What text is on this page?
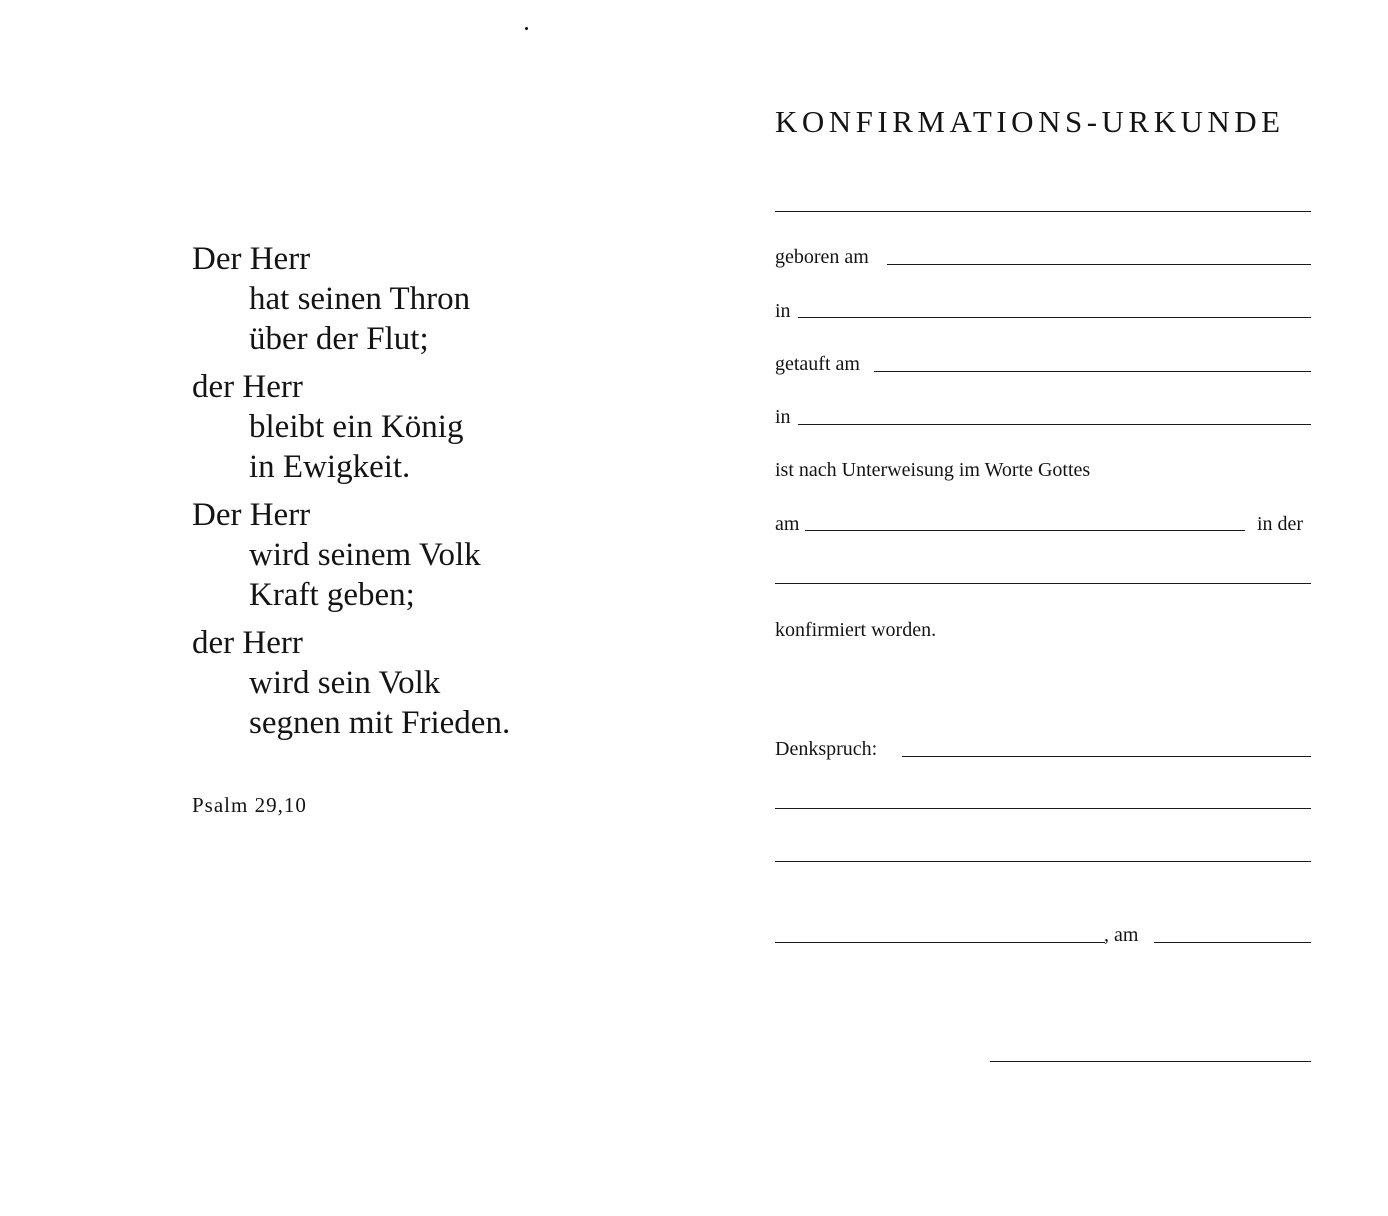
Der Herr
hat seinen Thron
über der Flut;
der Herr
bleibt ein König
in Ewigkeit.
Der Herr
wird seinem Volk
Kraft geben;
der Herr
wird sein Volk
segnen mit Frieden.
Psalm 29,10
KONFIRMATIONS-URKUNDE
geboren am
in
getauft am
in
ist nach Unterweisung im Worte Gottes
am	in der
konfirmiert worden.
Denkspruch:
, am
